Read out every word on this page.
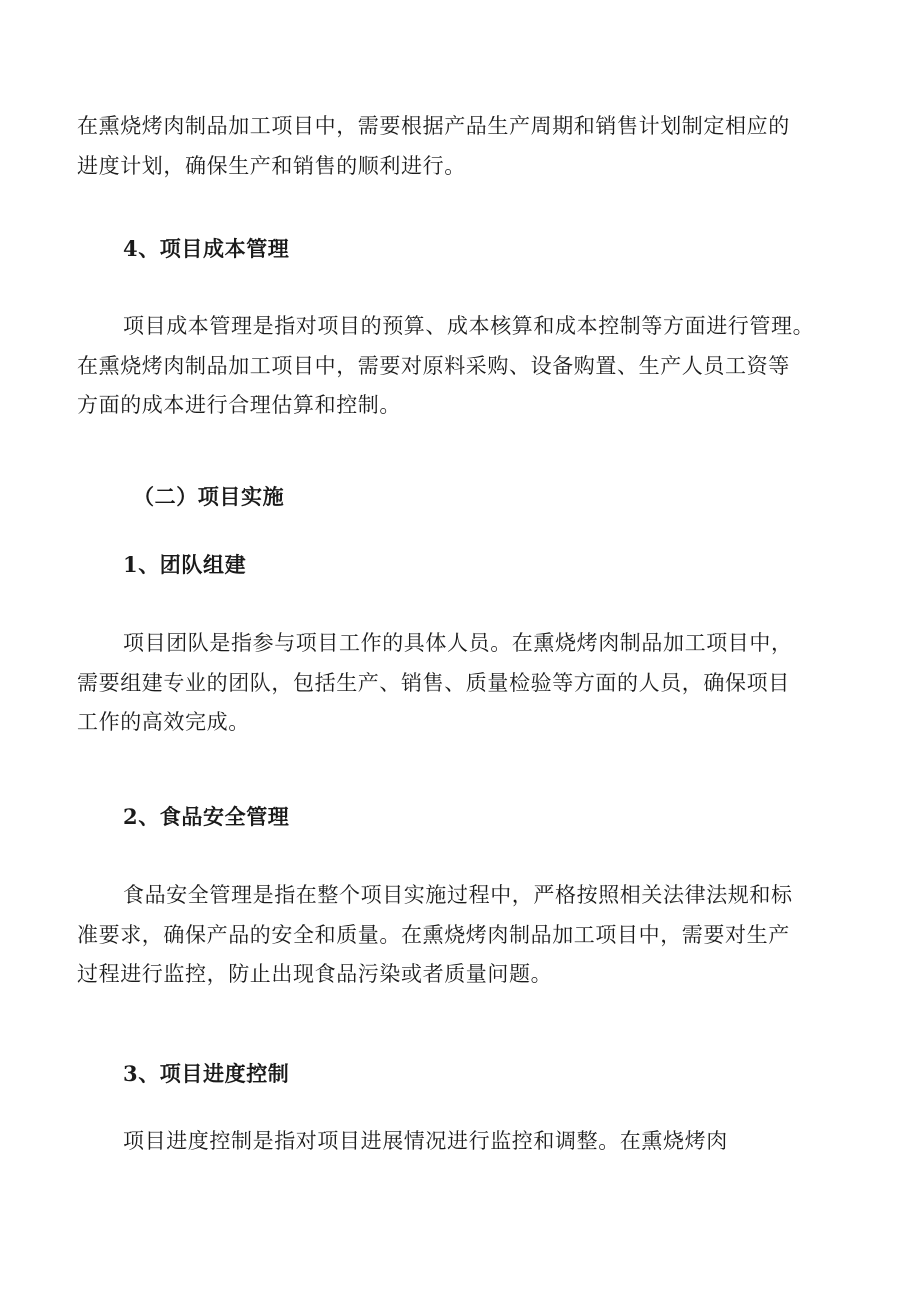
在熏烧烤肉制品加工项目中，需要根据产品生产周期和销售计划制定相应的
进度计划，确保生产和销售的顺利进行。

4、项目成本管理

项目成本管理是指对项目的预算、成本核算和成本控制等方面进行管理。
在熏烧烤肉制品加工项目中，需要对原料采购、设备购置、生产人员工资等
方面的成本进行合理估算和控制。

（二）项目实施
1、团队组建

项目团队是指参与项目工作的具体人员。在熏烧烤肉制品加工项目中，
需要组建专业的团队，包括生产、销售、质量检验等方面的人员，确保项目
工作的高效完成。

2、食品安全管理

食品安全管理是指在整个项目实施过程中，严格按照相关法律法规和标
准要求，确保产品的安全和质量。在熏烧烤肉制品加工项目中，需要对生产
过程进行监控，防止出现食品污染或者质量问题。

3、项目进度控制

项目进度控制是指对项目进展情况进行监控和调整。在熏烧烤肉
